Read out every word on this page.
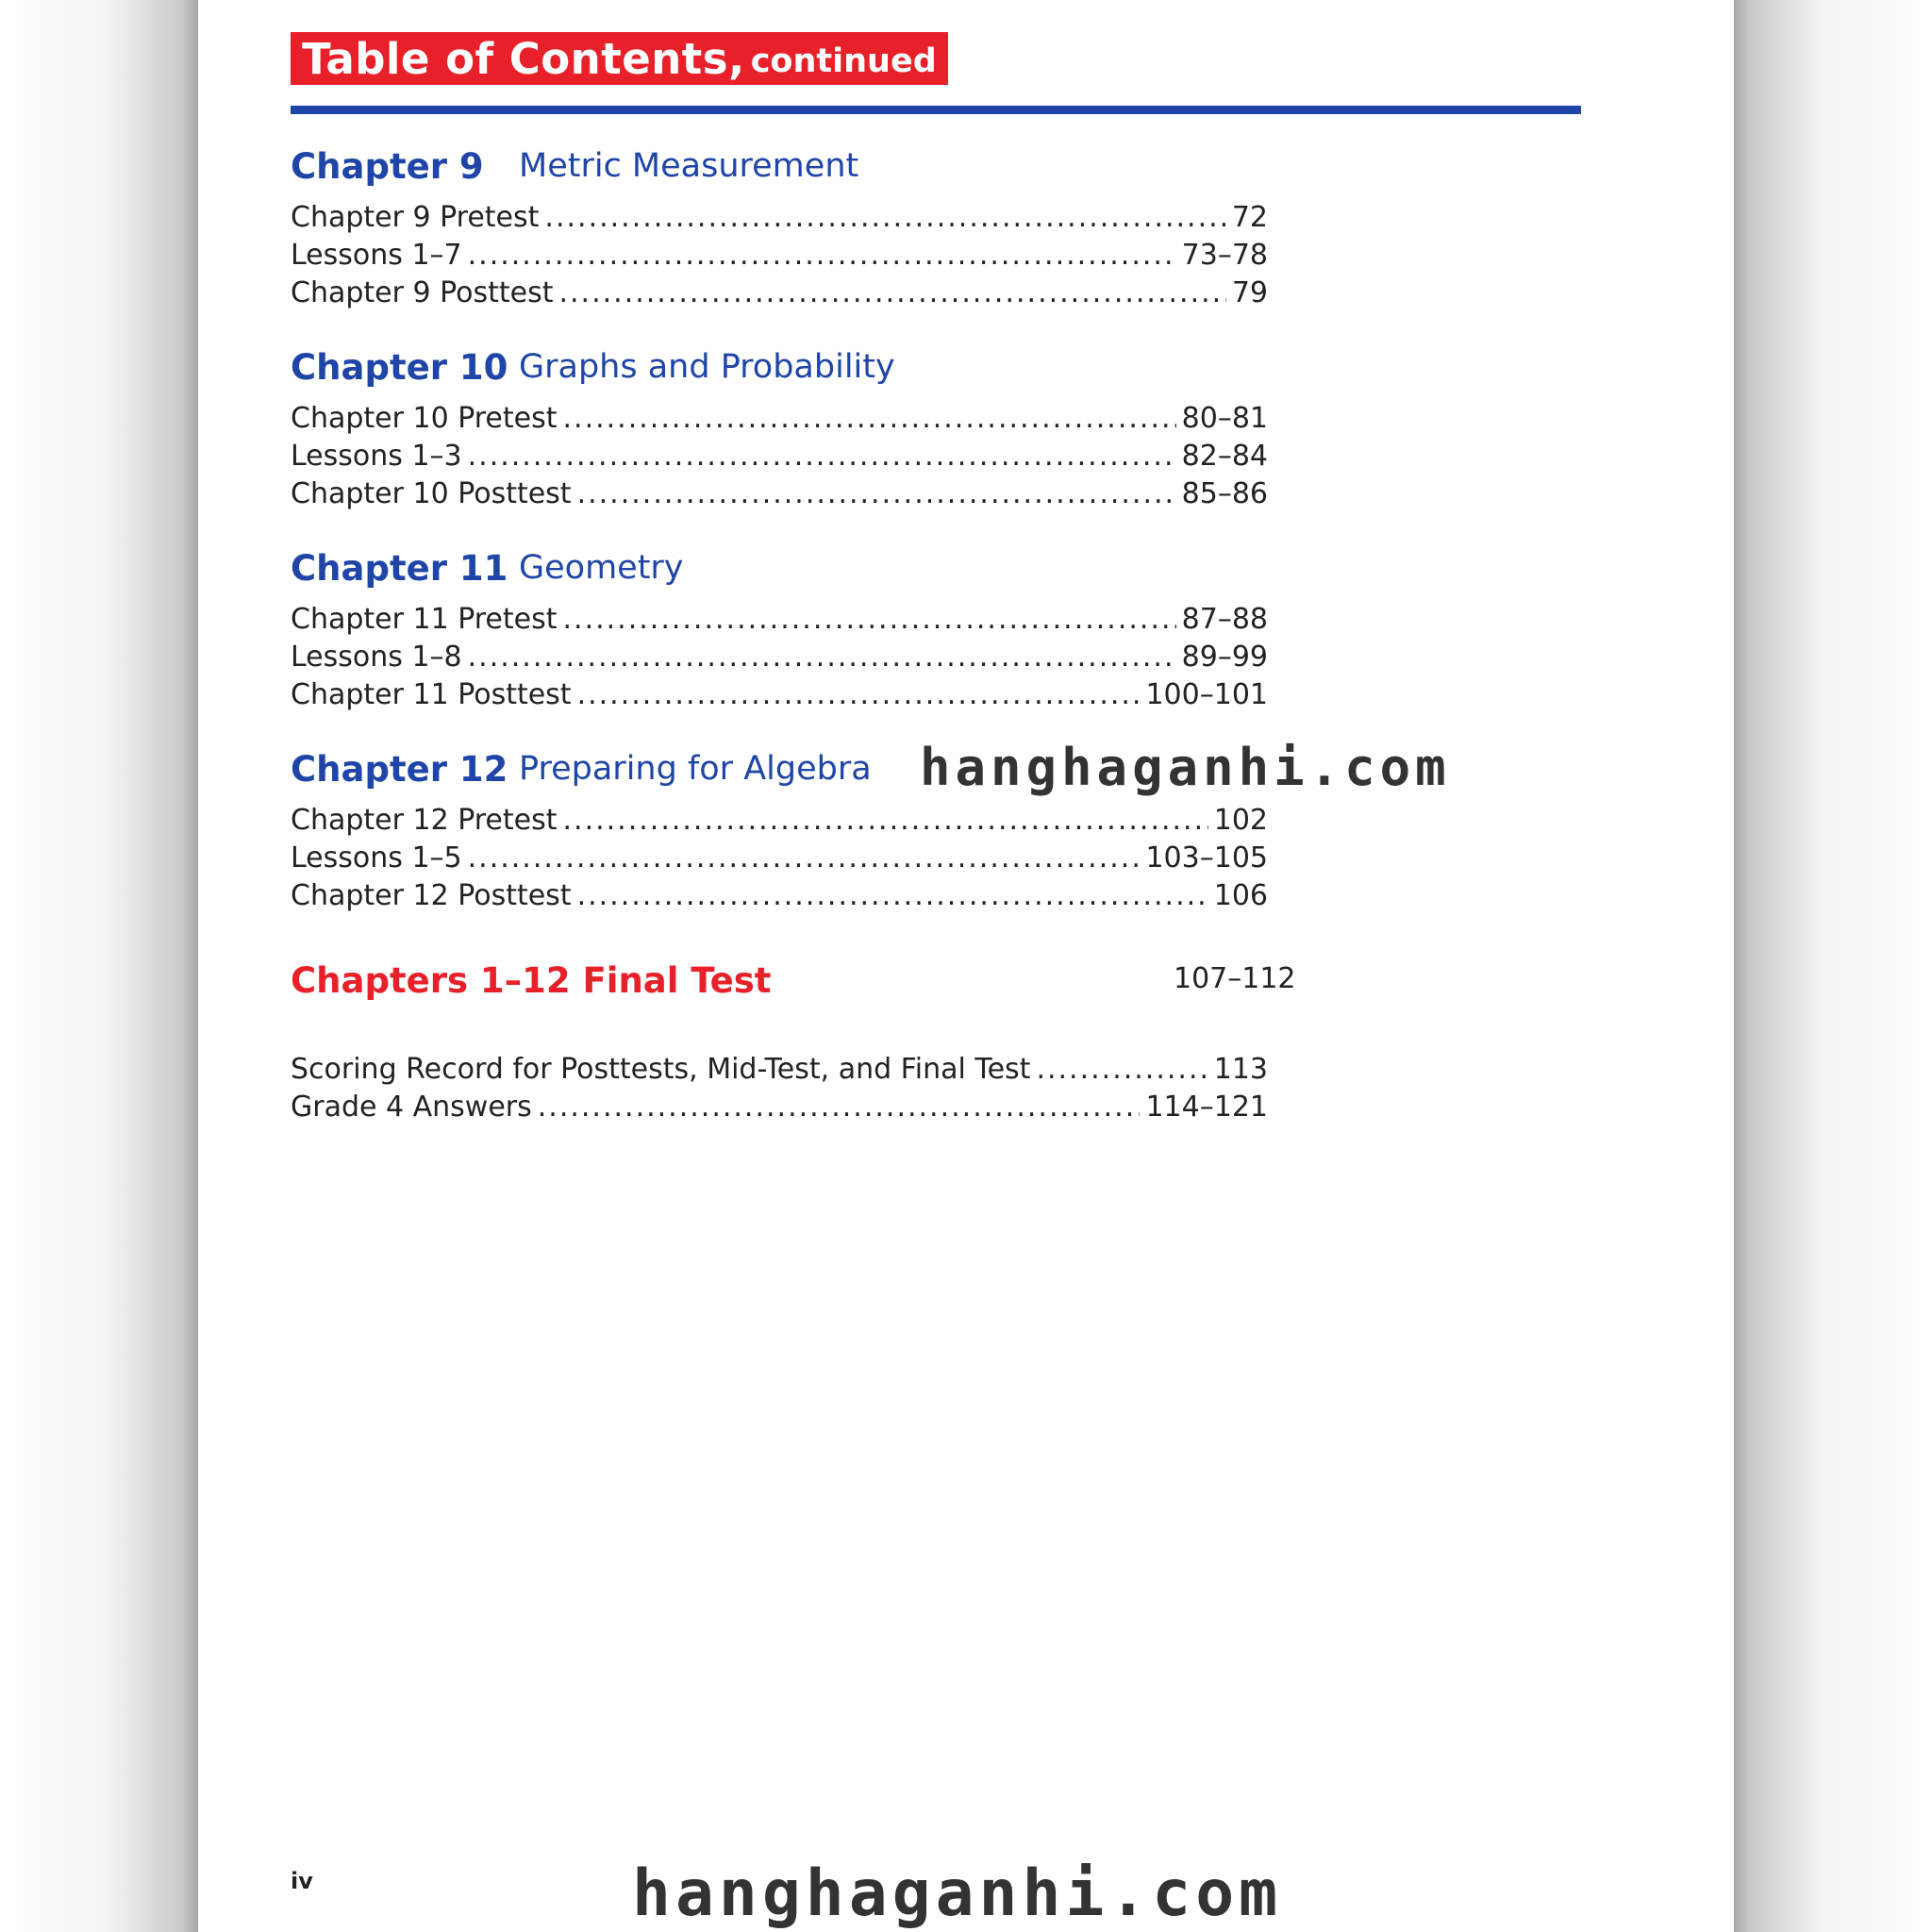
Table of Contents, continued
Chapter 9	Metric Measurement
Chapter 9 Pretest .....	72
Lessons 1–7 .....	73–78
Chapter 9 Posttest .....	79
Chapter 10 Graphs and Probability
Chapter 10 Pretest .....	80–81
Lessons 1–3 .....	82–84
Chapter 10 Posttest .....	85–86
Chapter 11 Geometry
Chapter 11 Pretest .....	87–88
Lessons 1–8 .....	89–99
Chapter 11 Posttest .....	100–101
Chapter 12 Preparing for Algebra
Chapter 12 Pretest .....	102
Lessons 1–5 .....	103–105
Chapter 12 Posttest .....	106
Chapters 1–12 Final Test	107–112
Scoring Record for Posttests, Mid-Test, and Final Test .....	113
Grade 4 Answers .....	114–121
iv
hanghaganhi.com
hanghaganhi.com
